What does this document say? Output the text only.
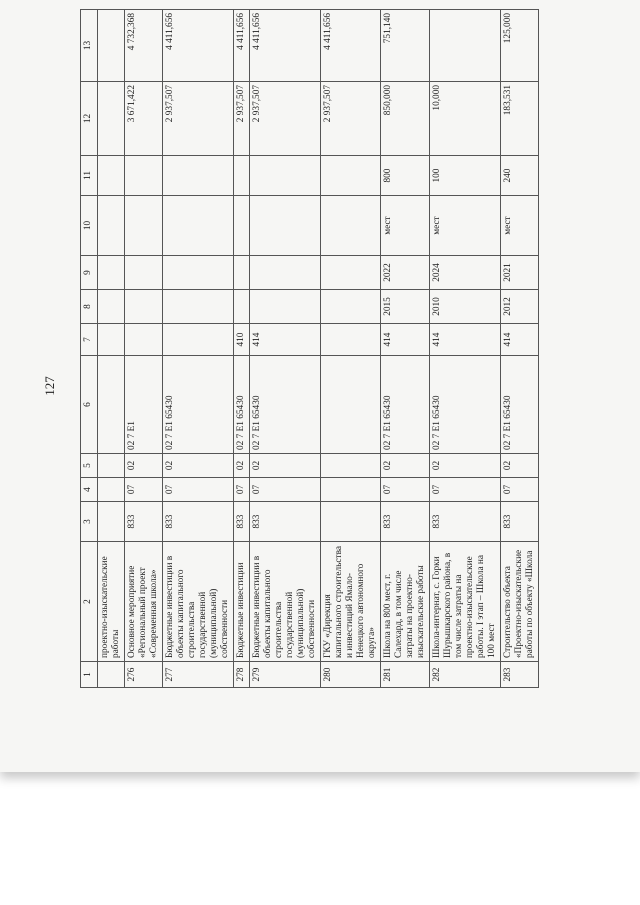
127
1	2	3	4	5	6	7	8	9	10	11	12	13
	проектно-изыскательские работы											
276	Основное мероприятие «Региональный проект «Современная школа»	833	07	02	02 7 E1						3 671,422	4 732,368
277	Бюджетные инвестиции в объекты капитального строительства государственной (муниципальной) собственности	833	07	02	02 7 E1 65430						2 937,507	4 411,656
278	Бюджетные инвестиции	833	07	02	02 7 E1 65430	410					2 937,507	4 411,656
279	Бюджетные инвестиции в объекты капитального строительства государственной (муниципальной) собственности	833	07	02	02 7 E1 65430	414					2 937,507	4 411,656
280	ГКУ «Дирекция капитального строительства и инвестиций Ямало-Ненецкого автономного округа»										2 937,507	4 411,656
281	Школа на 800 мест, г. Салехард, в том числе затраты на проектно-изыскательские работы	833	07	02	02 7 E1 65430	414	2015	2022	мест	800	850,000	751,140
282	Школа-интернат, с. Горки Шурышкарского района, в том числе затраты на проектно-изыскательские работы. I этап – Школа на 100 мест	833	07	02	02 7 E1 65430	414	2010	2024	мест	100	10,000	
283	Строительство объекта «Проектно-изыскательские работы по объекту «Школа	833	07	02	02 7 E1 65430	414	2012	2021	мест	240	183,531	125,000
